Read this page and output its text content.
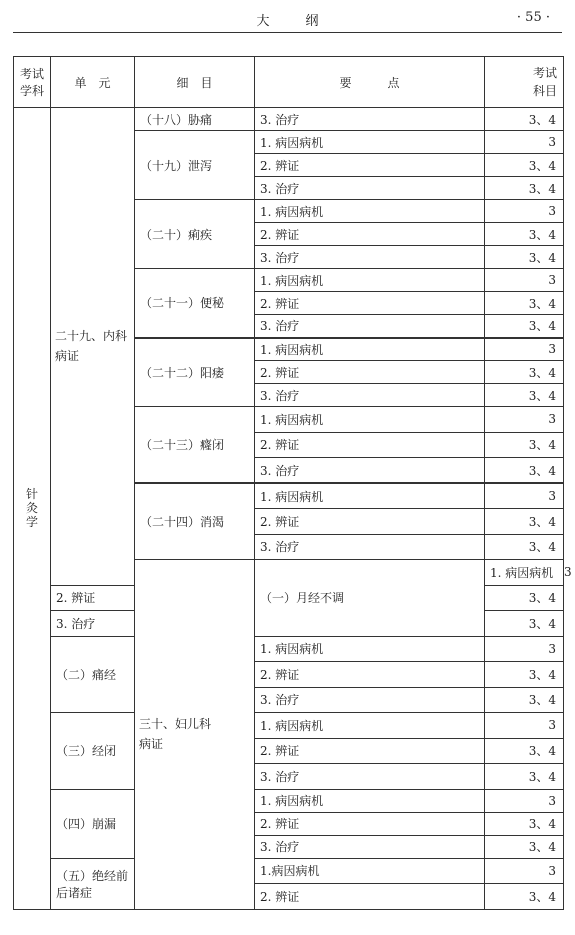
大	纲	· 55 ·
考试
学科	单　元	细　目	要　　　点	考试
科目	

针
灸
学	二十九、内科
病证	（十八）胁痛	3. 治疗	3、4	
		（十九）泄泻	1. 病因病机	3	
			2. 辨证	3、4	
			3. 治疗	3、4	
		（二十）痢疾	1. 病因病机	3	
			2. 辨证	3、4	
			3. 治疗	3、4	
		（二十一）便秘	1. 病因病机	3	
			2. 辨证	3、4	
			3. 治疗	3、4	
		（二十二）阳痿	1. 病因病机	3	
			2. 辨证	3、4	
			3. 治疗	3、4	
		（二十三）癃闭	1. 病因病机	3	
			2. 辨证	3、4	
			3. 治疗	3、4	
		（二十四）消渴	1. 病因病机	3	
			2. 辨证	3、4	
			3. 治疗	3、4	
		三十、妇儿科
病证	（一）月经不调	1. 病因病机	3
	2. 辨证			3、4	
	3. 治疗			3、4	
	（二）痛经		1. 病因病机	3	
			2. 辨证	3、4	
			3. 治疗	3、4	
	（三）经闭		1. 病因病机	3	
			2. 辨证	3、4	
			3. 治疗	3、4	
	（四）崩漏		1. 病因病机	3	
			2. 辨证	3、4	
			3. 治疗	3、4	
	（五）绝经前后诸症		1.病因病机	3	
			2. 辨证	3、4	
